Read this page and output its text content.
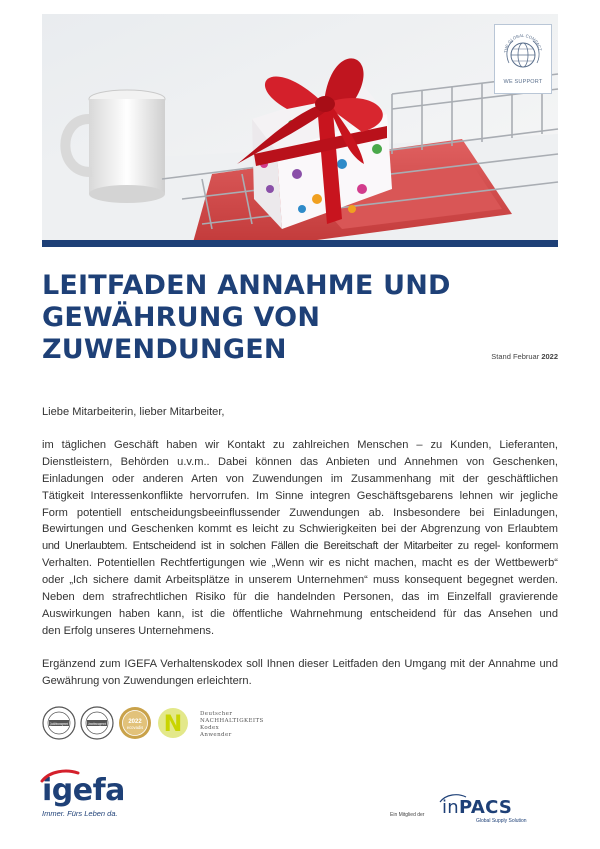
THE GLOBAL COMPACT
WE SUPPORT
LEITFADEN ANNAHME UND
GEWÄHRUNG VON
ZUWENDUNGEN	Stand Februar 2022

Liebe Mitarbeiterin, lieber Mitarbeiter,

im täglichen Geschäft haben wir Kontakt zu zahlreichen Menschen – zu Kunden, Lieferanten,
Dienstleistern, Behörden u.v.m.. Dabei können das Anbieten und Annehmen von Geschenken,
Einladungen oder anderen Arten von Zuwendungen im Zusammenhang mit der geschäftlichen
Tätigkeit Interessenkonflikte hervorrufen. Im Sinne integren Geschäftsgebarens lehnen wir jegliche
Form potentiell entscheidungsbeeinflussender Zuwendungen ab. Insbesondere bei Einladungen,
Bewirtungen und Geschenken kommt es leicht zu Schwierigkeiten bei der Abgrenzung von Erlaubtem
und Unerlaubtem. Entscheidend ist in solchen Fällen die Bereitschaft der Mitarbeiter zu regel- konformem
Verhalten. Potentiellen Rechtfertigungen wie „Wenn wir es nicht machen, macht es der Wettbewerb“
oder „Ich sichere damit Arbeitsplätze in unserem Unternehmen“ muss konsequent begegnet werden.
Neben dem strafrechtlichen Risiko für die handelnden Personen, das im Einzelfall gravierende
Auswirkungen haben kann, ist die öffentliche Wahrnehmung entscheidend für das Ansehen und
den Erfolg unseres Unternehmens.

Ergänzend zum IGEFA Verhaltenskodex soll Ihnen dieser Leitfaden den Umgang mit der Annahme und Gewährung von Zuwendungen erleichtern.

Qualitätsmanagement	Umweltmanagement	2022
ecovadis N	Deutscher
NACHHALTIGKEITS
Kodex
Anwender
igefa
Immer. Fürs Leben da.	Ein Mitglied der inPACS
Global Supply Solution
